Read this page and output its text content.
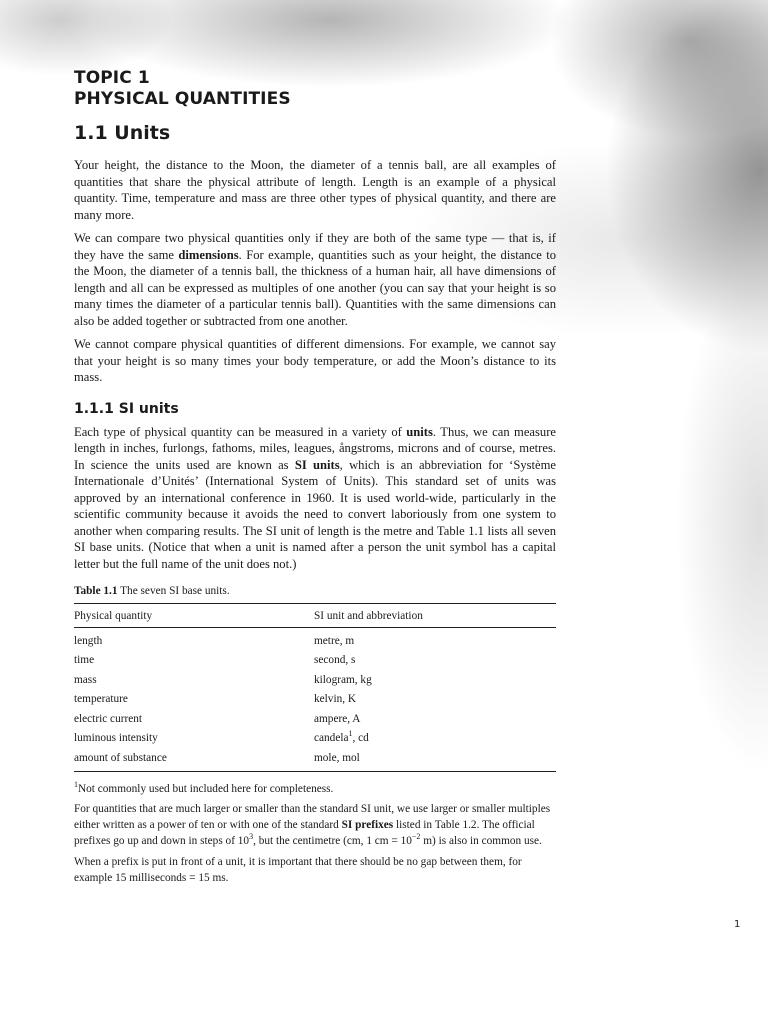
TOPIC 1
PHYSICAL QUANTITIES
1.1 Units

Your height, the distance to the Moon, the diameter of a tennis ball, are all examples of quantities that share the physical attribute of length. Length is an example of a physical quantity. Time, temperature and mass are three other types of physical quantity, and there are many more.

We can compare two physical quantities only if they are both of the same type — that is, if they have the same dimensions. For example, quantities such as your height, the distance to the Moon, the diameter of a tennis ball, the thickness of a human hair, all have dimensions of length and all can be expressed as multiples of one another (you can say that your height is so many times the diameter of a particular tennis ball). Quantities with the same dimensions can also be added together or subtracted from one another.

We cannot compare physical quantities of different dimensions. For example, we cannot say that your height is so many times your body temperature, or add the Moon’s distance to its mass.

1.1.1 SI units

Each type of physical quantity can be measured in a variety of units. Thus, we can measure length in inches, furlongs, fathoms, miles, leagues, ångstroms, microns and of course, metres. In science the units used are known as SI units, which is an abbreviation for ‘Système Internationale d’Unités’ (International System of Units). This standard set of units was approved by an international conference in 1960. It is used world-wide, particularly in the scientific community because it avoids the need to convert laboriously from one system to another when comparing results. The SI unit of length is the metre and Table 1.1 lists all seven SI base units. (Notice that when a unit is named after a person the unit symbol has a capital letter but the full name of the unit does not.)

Table 1.1 The seven SI base units.
Physical quantity	SI unit and abbreviation
length	metre, m
time	second, s
mass	kilogram, kg
temperature	kelvin, K
electric current	ampere, A
luminous intensity	candela$^1$, cd
amount of substance	mole, mol
$^1$Not commonly used but included here for completeness.

For quantities that are much larger or smaller than the standard SI unit, we use larger or smaller multiples either written as a power of ten or with one of the standard SI prefixes listed in Table 1.2. The official prefixes go up and down in steps of $10^3$, but the centimetre (cm, 1 cm = $10^{-2}$ m) is also in common use.

When a prefix is put in front of a unit, it is important that there should be no gap between them, for example 15 milliseconds = 15 ms.

1
